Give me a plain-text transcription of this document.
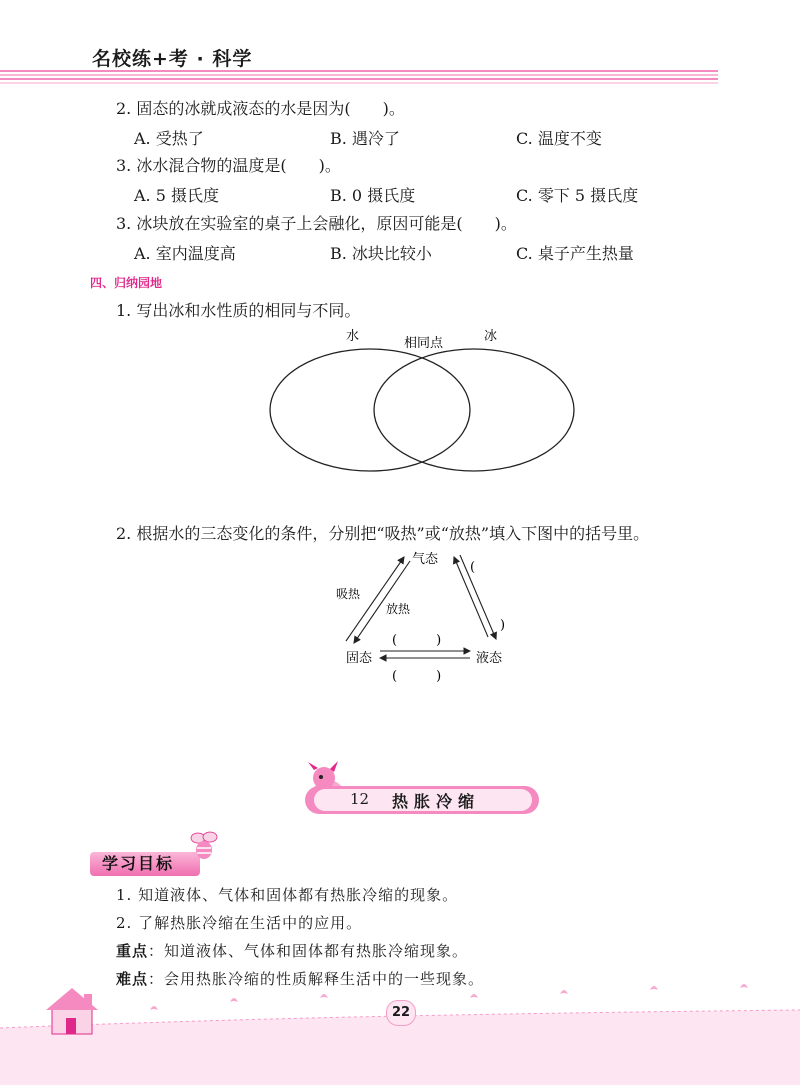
名校练+考 · 科学
2. 固态的冰就成液态的水是因为(　　)。
A. 受热了	B. 遇冷了	C. 温度不变
3. 冰水混合物的温度是(　　)。
A. 5 摄氏度	B. 0 摄氏度	C. 零下 5 摄氏度
3. 冰块放在实验室的桌子上会融化，原因可能是(　　)。
A. 室内温度高	B. 冰块比较小	C. 桌子产生热量
四、归纳园地
1. 写出冰和水性质的相同与不同。
水	相同点	冰
2. 根据水的三态变化的条件，分别把“吸热”或“放热”填入下图中的括号里。
气态
固态	液态
吸热
放热
(　　　)
(　　　)
(
)
12 热胀冷缩
学习目标
1. 知道液体、气体和固体都有热胀冷缩的现象。
2. 了解热胀冷缩在生活中的应用。
重点：知道液体、气体和固体都有热胀冷缩现象。
难点：会用热胀冷缩的性质解释生活中的一些现象。
22
